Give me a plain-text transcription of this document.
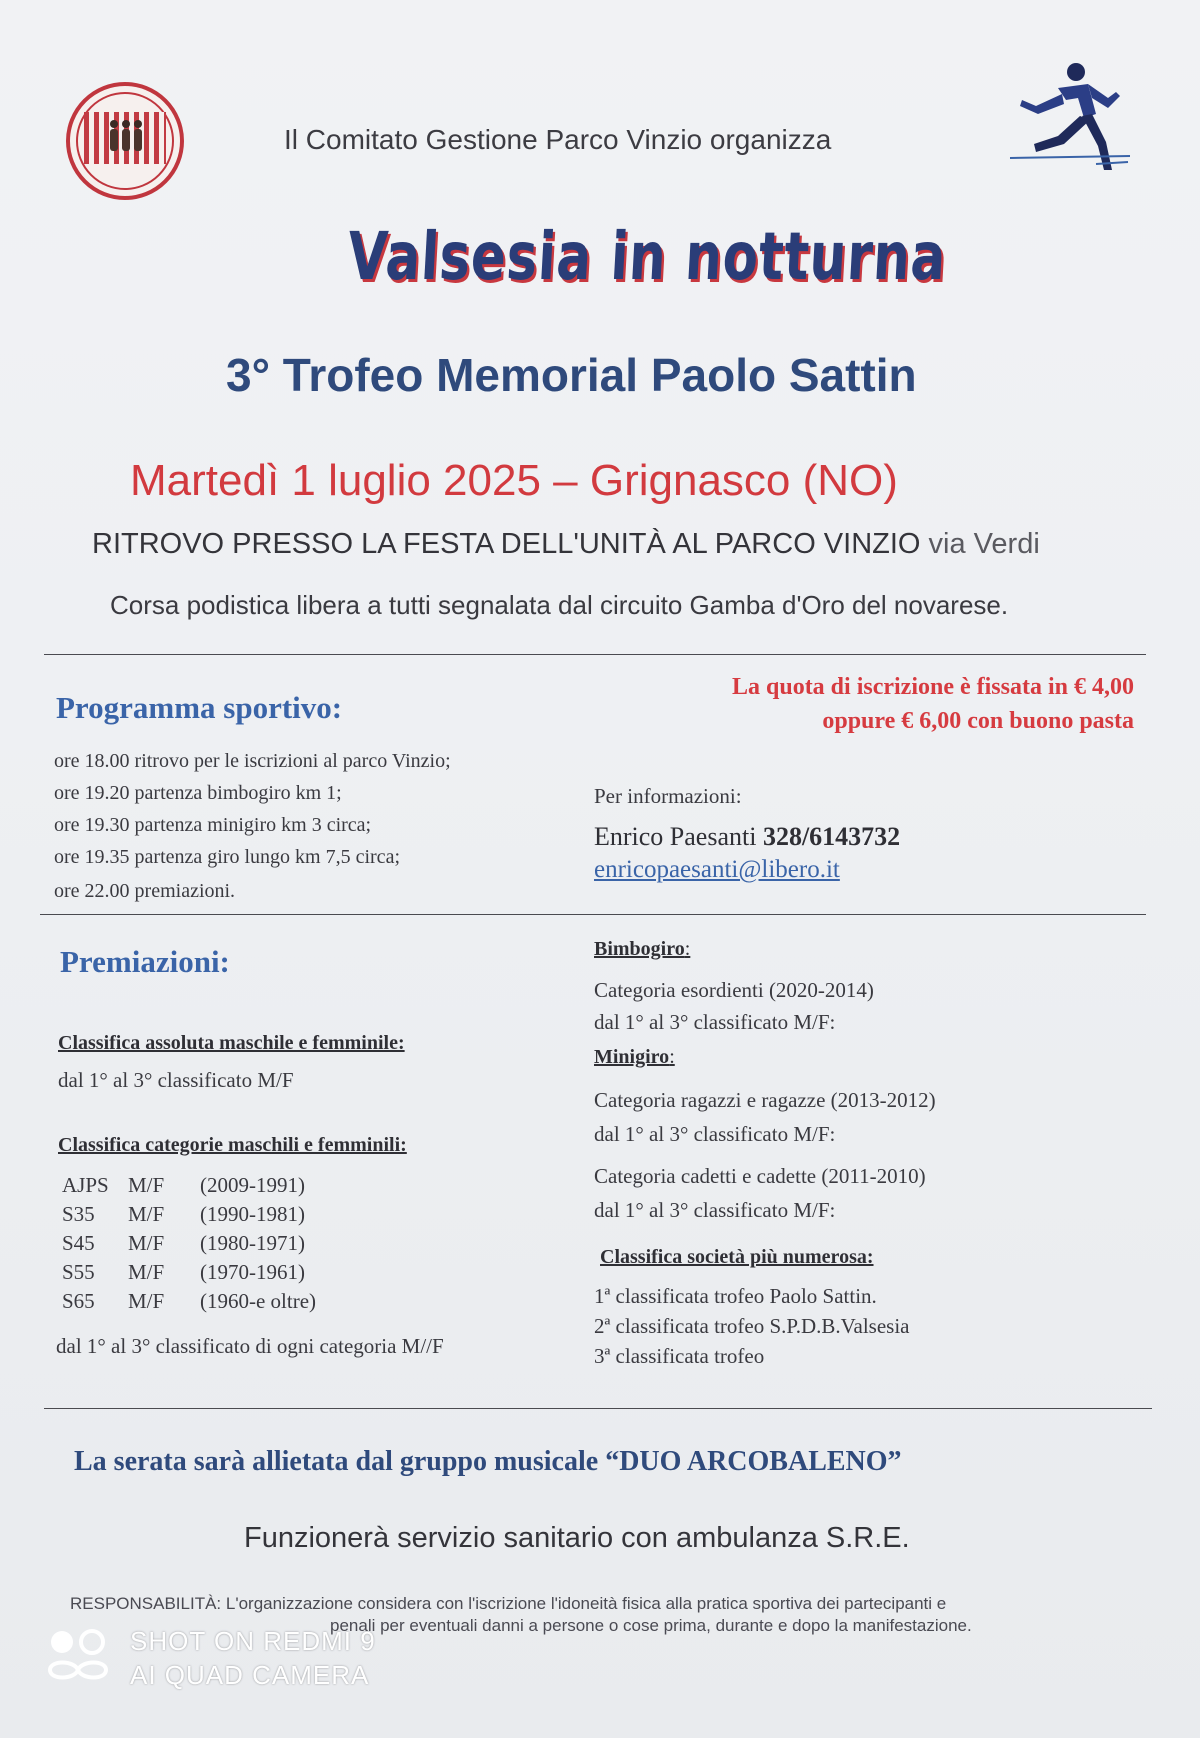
Il Comitato Gestione Parco Vinzio organizza
Valsesia in notturna
3° Trofeo Memorial Paolo Sattin
Martedì 1 luglio 2025 – Grignasco (NO)
RITROVO PRESSO LA FESTA DELL'UNITÀ AL PARCO VINZIO via Verdi
Corsa podistica libera a tutti segnalata dal circuito Gamba d'Oro del novarese.
Programma sportivo:
La quota di iscrizione è fissata in € 4,00
oppure € 6,00 con buono pasta
ore 18.00 ritrovo per le iscrizioni al parco Vinzio;
ore 19.20 partenza bimbogiro km 1;
ore 19.30 partenza minigiro km 3 circa;
ore 19.35 partenza giro lungo km 7,5 circa;
ore 22.00 premiazioni.
Per informazioni:
Enrico Paesanti 328/6143732
enricopaesanti@libero.it
Premiazioni:
Classifica assoluta maschile e femminile:
dal 1° al 3° classificato M/F
Classifica categorie maschili e femminili:
AJPS	M/F	(2009-1991)
S35	M/F	(1990-1981)
S45	M/F	(1980-1971)
S55	M/F	(1970-1961)
S65	M/F	(1960-e oltre)
dal 1° al 3° classificato di ogni categoria M//F
Bimbogiro:
Categoria esordienti (2020-2014)
dal 1° al 3° classificato M/F:
Minigiro:
Categoria ragazzi e ragazze (2013-2012)
dal 1° al 3° classificato M/F:
Categoria cadetti e cadette (2011-2010)
dal 1° al 3° classificato M/F:
Classifica società più numerosa:
1ª classificata trofeo Paolo Sattin.
2ª classificata trofeo S.P.D.B.Valsesia
3ª classificata trofeo
La serata sarà allietata dal gruppo musicale “DUO ARCOBALENO”
Funzionerà servizio sanitario con ambulanza S.R.E.
RESPONSABILITÀ: L'organizzazione considera con l'iscrizione l'idoneità fisica alla pratica sportiva dei partecipanti e
penali per eventuali danni a persone o cose prima, durante e dopo la manifestazione.
SHOT ON REDMI 9
AI QUAD CAMERA
